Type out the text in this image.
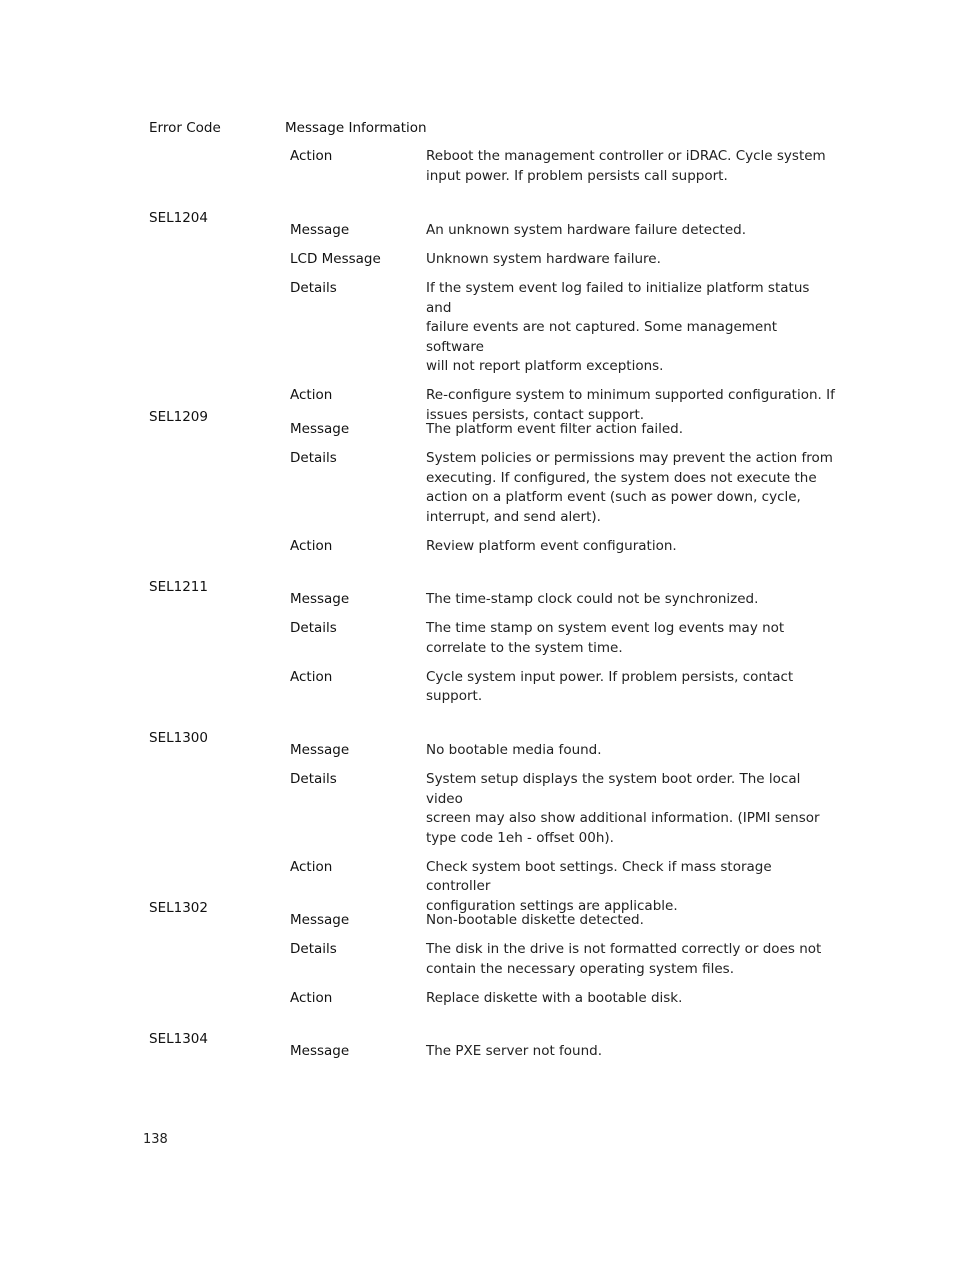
Error Code	Message Information
Action	Reboot the management controller or iDRAC. Cycle system
input power. If problem persists call support.
SEL1204
Message	An unknown system hardware failure detected.
LCD Message	Unknown system hardware failure.
Details	If the system event log failed to initialize platform status and
failure events are not captured. Some management software
will not report platform exceptions.
Action	Re-configure system to minimum supported configuration. If
issues persists, contact support.
SEL1209
Message	The platform event filter action failed.
Details	System policies or permissions may prevent the action from
executing. If configured, the system does not execute the
action on a platform event (such as power down, cycle,
interrupt, and send alert).
Action	Review platform event configuration.
SEL1211
Message	The time-stamp clock could not be synchronized.
Details	The time stamp on system event log events may not
correlate to the system time.
Action	Cycle system input power. If problem persists, contact
support.
SEL1300
Message	No bootable media found.
Details	System setup displays the system boot order. The local video
screen may also show additional information. (IPMI sensor
type code 1eh - offset 00h).
Action	Check system boot settings. Check if mass storage controller
configuration settings are applicable.
SEL1302
Message	Non-bootable diskette detected.
Details	The disk in the drive is not formatted correctly or does not
contain the necessary operating system files.
Action	Replace diskette with a bootable disk.
SEL1304
Message	The PXE server not found.
138
